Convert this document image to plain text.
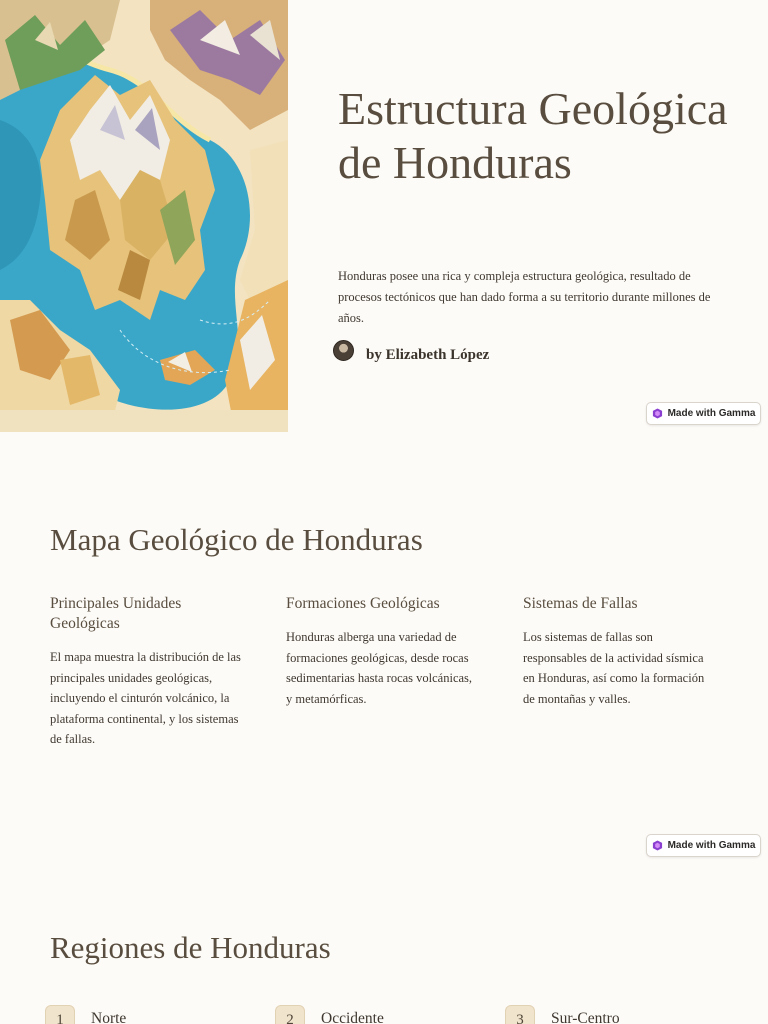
Estructura Geológica de Honduras

Honduras posee una rica y compleja estructura geológica, resultado de procesos tectónicos que han dado forma a su territorio durante millones de años.

by Elizabeth López
Made with Gamma
Mapa Geológico de Honduras
Principales Unidades Geológicas

El mapa muestra la distribución de las principales unidades geológicas, incluyendo el cinturón volcánico, la plataforma continental, y los sistemas de fallas.

Formaciones Geológicas

Honduras alberga una variedad de formaciones geológicas, desde rocas sedimentarias hasta rocas volcánicas, y metamórficas.

Sistemas de Fallas

Los sistemas de fallas son responsables de la actividad sísmica en Honduras, así como la formación de montañas y valles.

Made with Gamma
Regiones de Honduras
1	Norte	2	Occidente	3	Sur-Centro
